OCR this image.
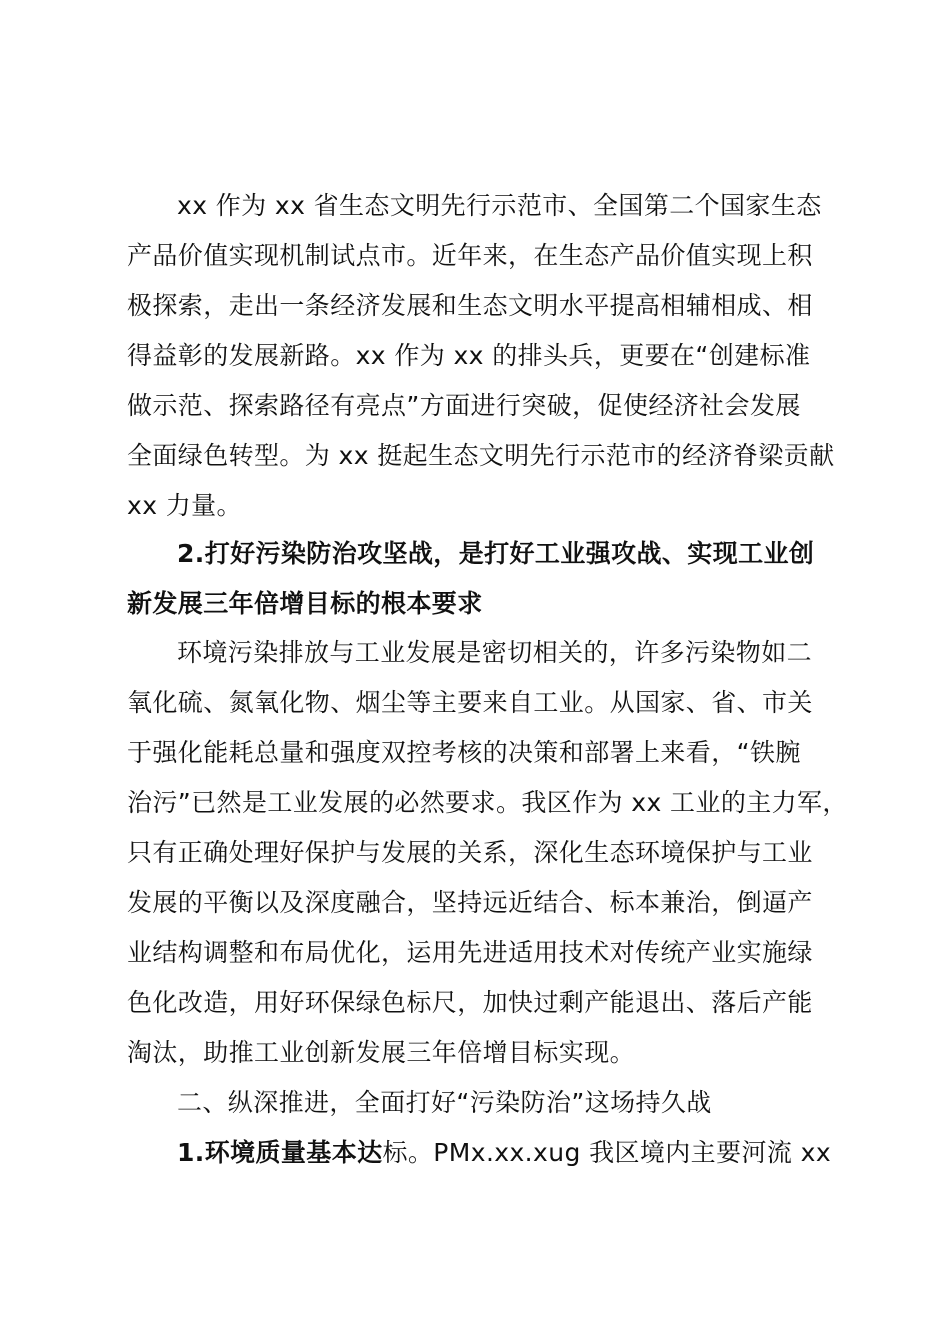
xx 作为 xx 省生态文明先行示范市、全国第二个国家生态
产品价值实现机制试点市。近年来，在生态产品价值实现上积
极探索，走出一条经济发展和生态文明水平提高相辅相成、相
得益彰的发展新路。xx 作为 xx 的排头兵，更要在“创建标准
做示范、探索路径有亮点”方面进行突破，促使经济社会发展
全面绿色转型。为 xx 挺起生态文明先行示范市的经济脊梁贡献
xx 力量。
2.打好污染防治攻坚战，是打好工业强攻战、实现工业创
新发展三年倍增目标的根本要求
环境污染排放与工业发展是密切相关的，许多污染物如二
氧化硫、氮氧化物、烟尘等主要来自工业。从国家、省、市关
于强化能耗总量和强度双控考核的决策和部署上来看，“铁腕
治污”已然是工业发展的必然要求。我区作为 xx 工业的主力军，
只有正确处理好保护与发展的关系，深化生态环境保护与工业
发展的平衡以及深度融合，坚持远近结合、标本兼治，倒逼产
业结构调整和布局优化，运用先进适用技术对传统产业实施绿
色化改造，用好环保绿色标尺，加快过剩产能退出、落后产能
淘汰，助推工业创新发展三年倍增目标实现。
二、纵深推进，全面打好“污染防治”这场持久战
1.环境质量基本达标。PMx.xx.xug 我区境内主要河流 xx
